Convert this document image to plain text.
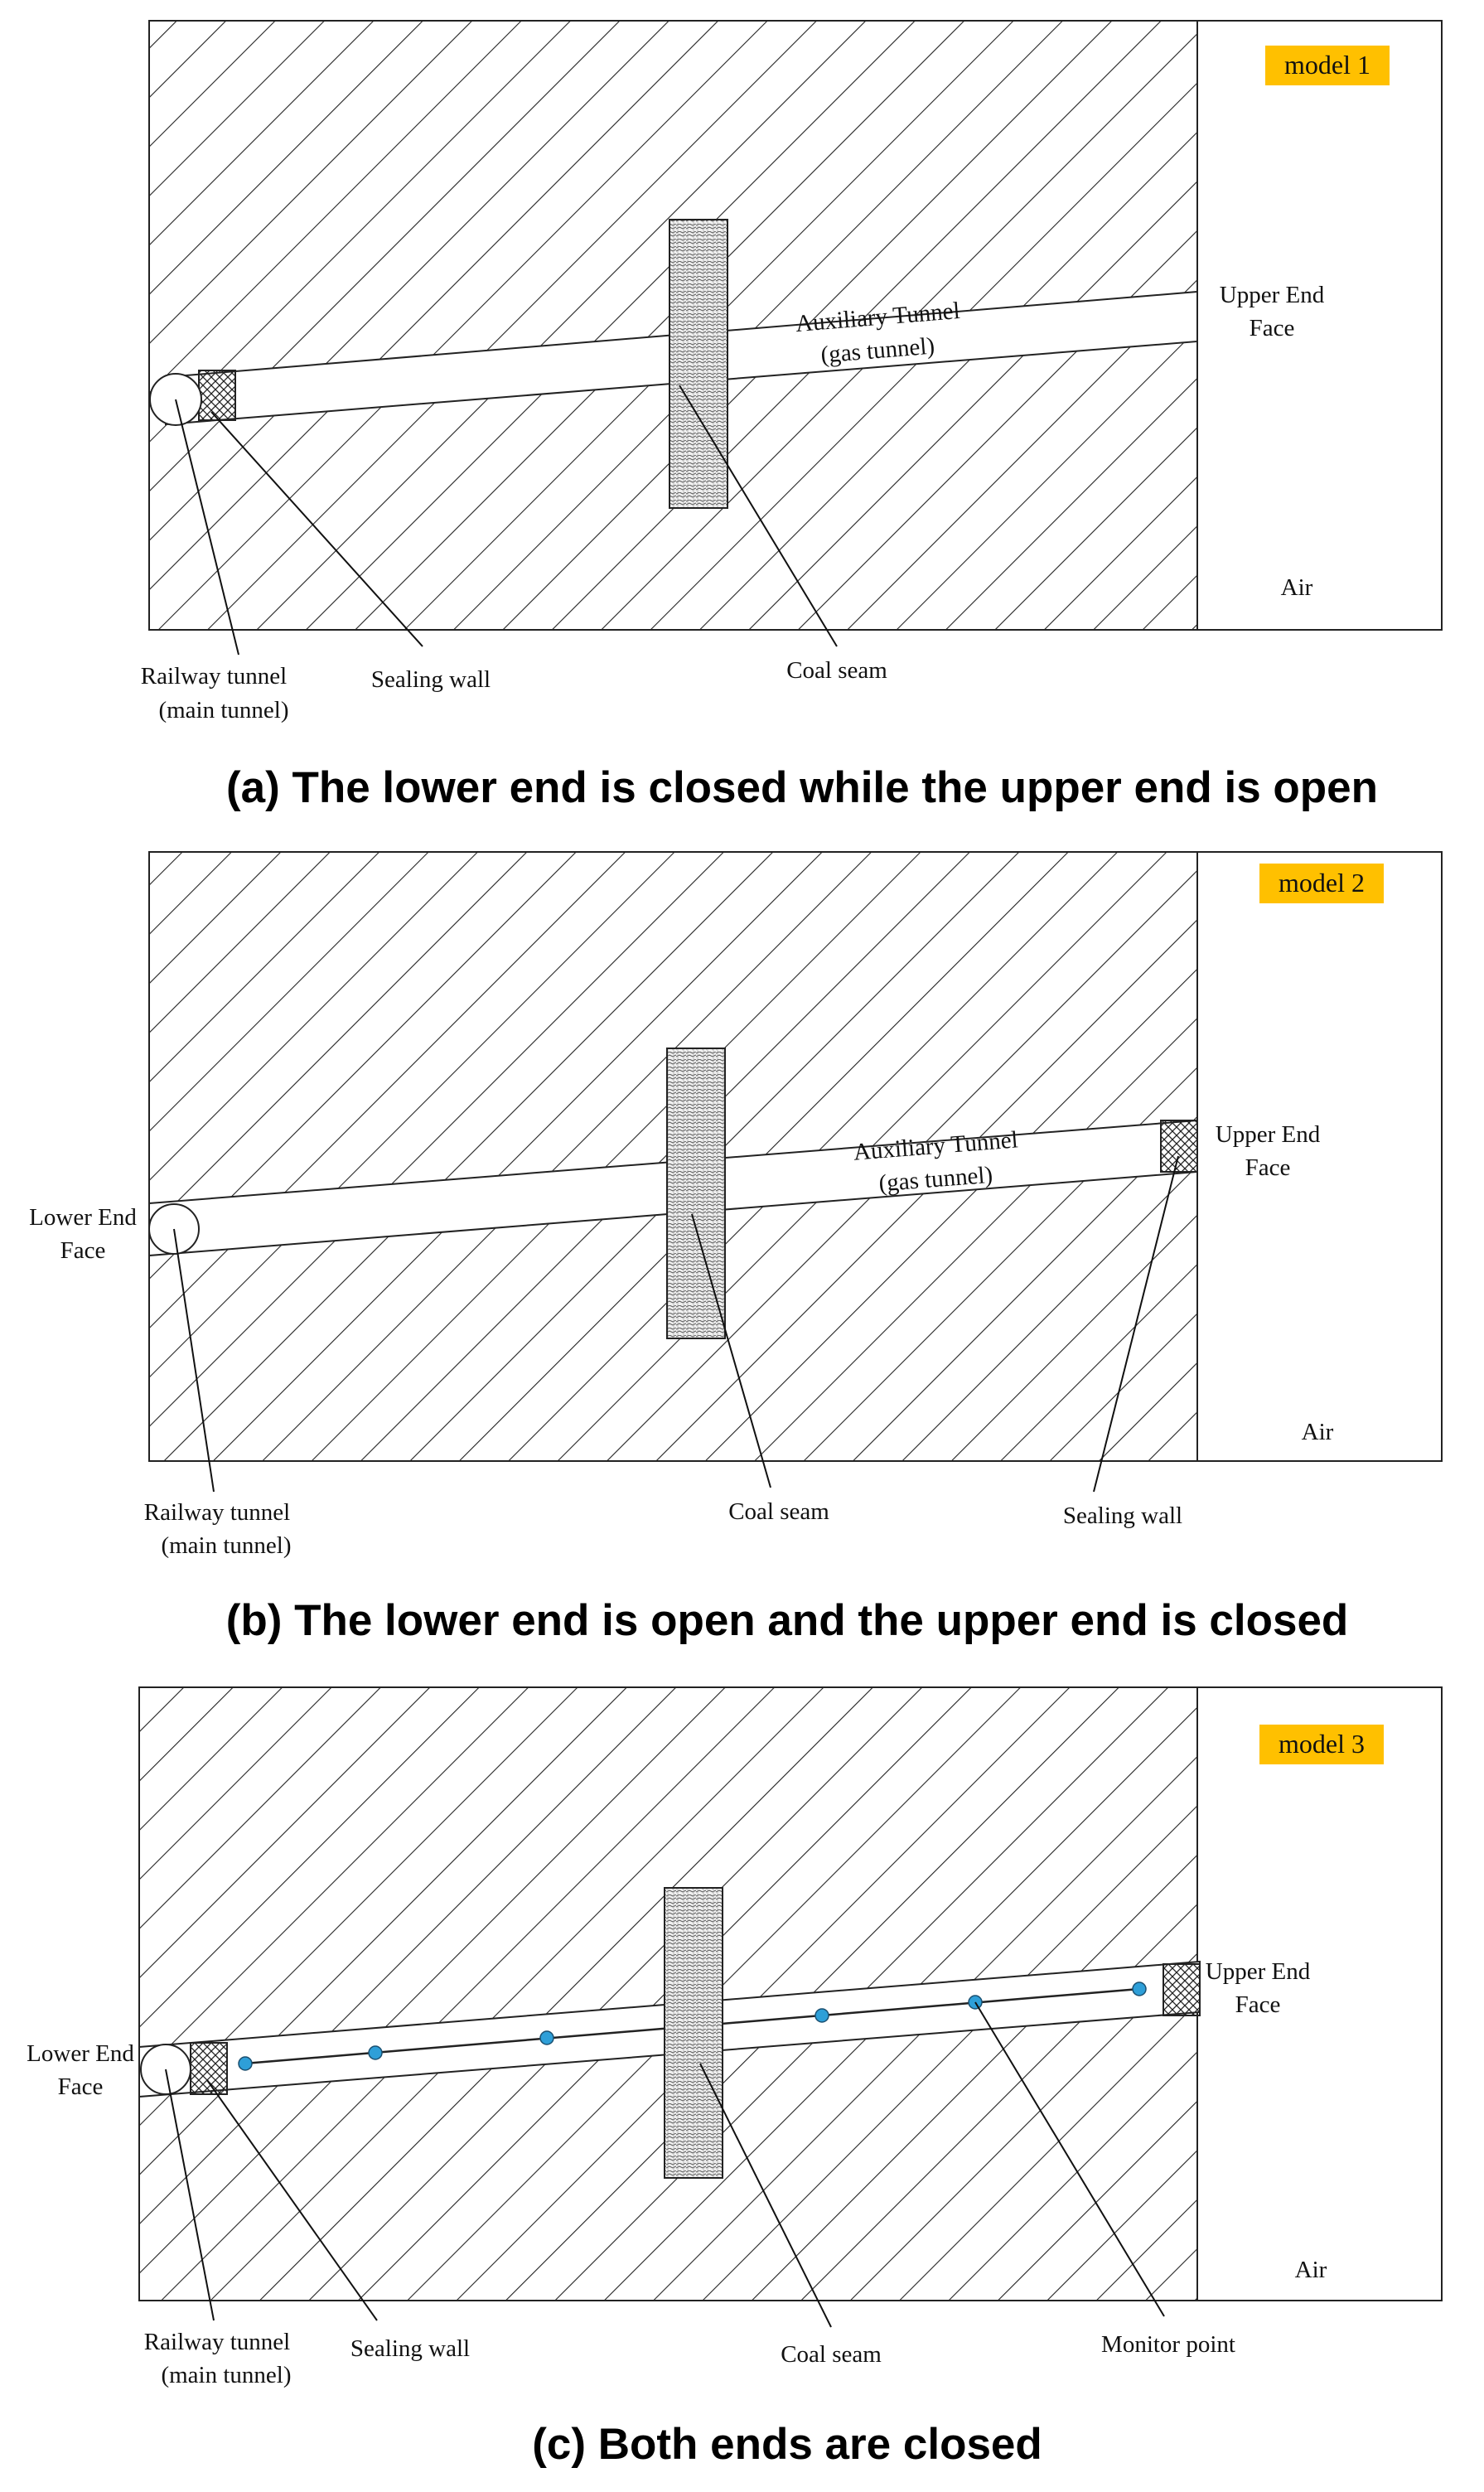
model 1
Auxiliary Tunnel
(gas tunnel)
Upper End
Face
Air
Railway tunnel
(main tunnel)
Sealing wall	Coal seam
(a) The lower end is closed while the upper end is open
model 2
Auxiliary Tunnel
(gas tunnel)
Upper End
Face
Lower End
Face
Air
Railway tunnel
(main tunnel)
Coal seam	Sealing wall
(b) The lower end is open and the upper end is closed
model 3
Upper End
Face
Lower End
Face
Air
Railway tunnel
(main tunnel)
Sealing wall	Coal seam	Monitor point
(c) Both ends are closed
